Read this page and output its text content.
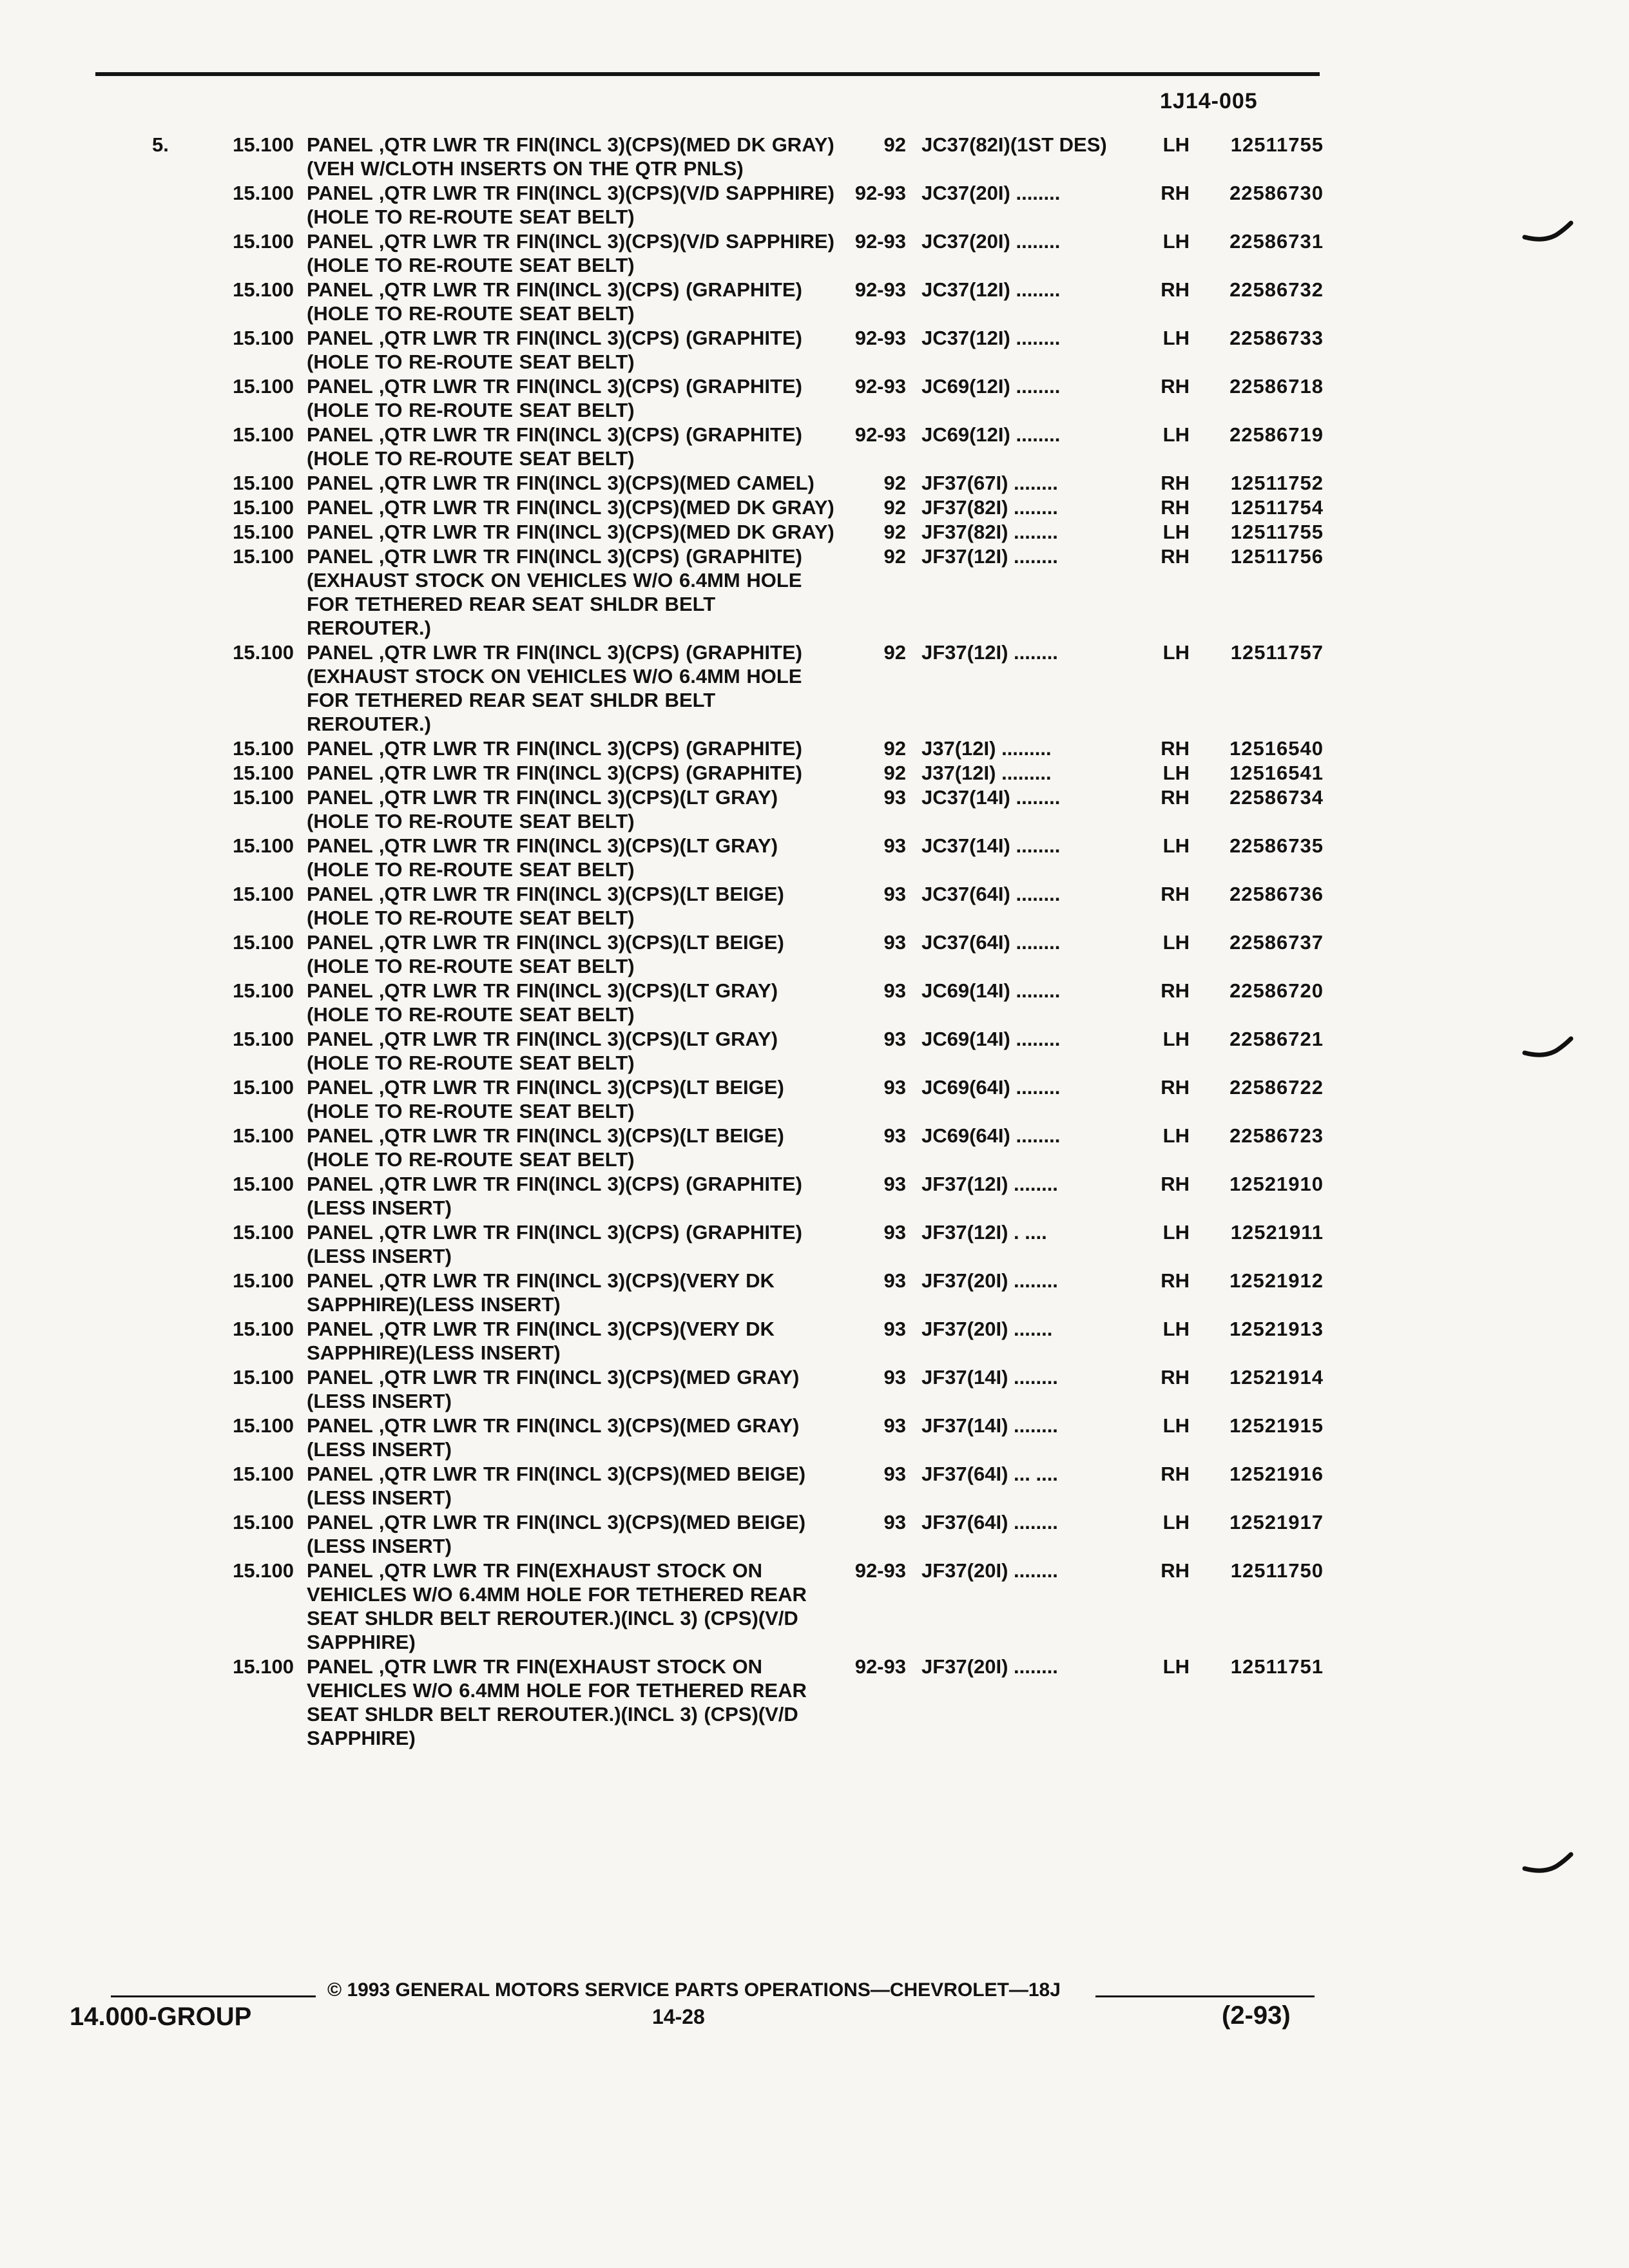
1J14-005
5.	15.100 PANEL ,QTR LWR TR FIN(INCL 3)(CPS)(MED DK GRAY) (VEH W/CLOTH INSERTS ON THE QTR PNLS)
92 JC37(82I)(1ST DES)	LH	12511755
15.100 PANEL ,QTR LWR TR FIN(INCL 3)(CPS)(V/D SAPPHIRE)(HOLE TO RE-ROUTE SEAT BELT)
92-93 JC37(20I) ........	RH	22586730
15.100 PANEL ,QTR LWR TR FIN(INCL 3)(CPS)(V/D SAPPHIRE)(HOLE TO RE-ROUTE SEAT BELT)
92-93 JC37(20I) ........	LH	22586731
15.100 PANEL ,QTR LWR TR FIN(INCL 3)(CPS) (GRAPHITE)(HOLE TO RE-ROUTE SEAT BELT)
92-93 JC37(12I) ........	RH	22586732
15.100 PANEL ,QTR LWR TR FIN(INCL 3)(CPS) (GRAPHITE)(HOLE TO RE-ROUTE SEAT BELT)
92-93 JC37(12I) ........	LH	22586733
15.100 PANEL ,QTR LWR TR FIN(INCL 3)(CPS) (GRAPHITE)(HOLE TO RE-ROUTE SEAT BELT)
92-93 JC69(12I) ........	RH	22586718
15.100 PANEL ,QTR LWR TR FIN(INCL 3)(CPS) (GRAPHITE)(HOLE TO RE-ROUTE SEAT BELT)
92-93 JC69(12I) ........	LH	22586719
15.100 PANEL ,QTR LWR TR FIN(INCL 3)(CPS)(MED CAMEL)	92 JF37(67I) ........	RH	12511752
15.100 PANEL ,QTR LWR TR FIN(INCL 3)(CPS)(MED DK GRAY)	92 JF37(82I) ........	RH	12511754
15.100 PANEL ,QTR LWR TR FIN(INCL 3)(CPS)(MED DK GRAY)	92 JF37(82I) ........	LH	12511755
15.100 PANEL ,QTR LWR TR FIN(INCL 3)(CPS) (GRAPHITE) (EXHAUST STOCK ON VEHICLES W/O 6.4MM HOLE FOR TETHERED REAR SEAT SHLDR BELT REROUTER.)
92 JF37(12I) ........	RH	12511756
15.100 PANEL ,QTR LWR TR FIN(INCL 3)(CPS) (GRAPHITE) (EXHAUST STOCK ON VEHICLES W/O 6.4MM HOLE FOR TETHERED REAR SEAT SHLDR BELT REROUTER.)
92 JF37(12I) ........	LH	12511757
15.100 PANEL ,QTR LWR TR FIN(INCL 3)(CPS) (GRAPHITE)	92 J37(12I) .........	RH	12516540
15.100 PANEL ,QTR LWR TR FIN(INCL 3)(CPS) (GRAPHITE)	92 J37(12I) .........	LH	12516541
15.100 PANEL ,QTR LWR TR FIN(INCL 3)(CPS)(LT GRAY)(HOLE TO RE-ROUTE SEAT BELT)
93 JC37(14I) ........	RH	22586734
15.100 PANEL ,QTR LWR TR FIN(INCL 3)(CPS)(LT GRAY)(HOLE TO RE-ROUTE SEAT BELT)
93 JC37(14I) ........	LH	22586735
15.100 PANEL ,QTR LWR TR FIN(INCL 3)(CPS)(LT BEIGE)(HOLE TO RE-ROUTE SEAT BELT)
93 JC37(64I) ........	RH	22586736
15.100 PANEL ,QTR LWR TR FIN(INCL 3)(CPS)(LT BEIGE)(HOLE TO RE-ROUTE SEAT BELT)
93 JC37(64I) ........	LH	22586737
15.100 PANEL ,QTR LWR TR FIN(INCL 3)(CPS)(LT GRAY)(HOLE TO RE-ROUTE SEAT BELT)
93 JC69(14I) ........	RH	22586720
15.100 PANEL ,QTR LWR TR FIN(INCL 3)(CPS)(LT GRAY)(HOLE TO RE-ROUTE SEAT BELT)
93 JC69(14I) ........	LH	22586721
15.100 PANEL ,QTR LWR TR FIN(INCL 3)(CPS)(LT BEIGE)(HOLE TO RE-ROUTE SEAT BELT)
93 JC69(64I) ........	RH	22586722
15.100 PANEL ,QTR LWR TR FIN(INCL 3)(CPS)(LT BEIGE)(HOLE TO RE-ROUTE SEAT BELT)
93 JC69(64I) ........	LH	22586723
15.100 PANEL ,QTR LWR TR FIN(INCL 3)(CPS) (GRAPHITE)(LESS INSERT)
93 JF37(12I) ........	RH	12521910
15.100 PANEL ,QTR LWR TR FIN(INCL 3)(CPS) (GRAPHITE)(LESS INSERT)
93 JF37(12I) . ....	LH	12521911
15.100 PANEL ,QTR LWR TR FIN(INCL 3)(CPS)(VERY DK SAPPHIRE)(LESS INSERT)
93 JF37(20I) ........	RH	12521912
15.100 PANEL ,QTR LWR TR FIN(INCL 3)(CPS)(VERY DK SAPPHIRE)(LESS INSERT)
93 JF37(20I) .......	LH	12521913
15.100 PANEL ,QTR LWR TR FIN(INCL 3)(CPS)(MED GRAY)(LESS INSERT)
93 JF37(14I) ........	RH	12521914
15.100 PANEL ,QTR LWR TR FIN(INCL 3)(CPS)(MED GRAY)(LESS INSERT)
93 JF37(14I) ........	LH	12521915
15.100 PANEL ,QTR LWR TR FIN(INCL 3)(CPS)(MED BEIGE)(LESS INSERT)
93 JF37(64I) ... ....	RH	12521916
15.100 PANEL ,QTR LWR TR FIN(INCL 3)(CPS)(MED BEIGE)(LESS INSERT)
93 JF37(64I) ........	LH	12521917
15.100 PANEL ,QTR LWR TR FIN(EXHAUST STOCK ON VEHICLES W/O 6.4MM HOLE FOR TETHERED REAR SEAT SHLDR BELT REROUTER.)(INCL 3) (CPS)(V/D SAPPHIRE)
92-93 JF37(20I) ........	RH	12511750
15.100 PANEL ,QTR LWR TR FIN(EXHAUST STOCK ON VEHICLES W/O 6.4MM HOLE FOR TETHERED REAR SEAT SHLDR BELT REROUTER.)(INCL 3) (CPS)(V/D SAPPHIRE)
92-93 JF37(20I) ........	LH	12511751
© 1993 GENERAL MOTORS SERVICE PARTS OPERATIONS—CHEVROLET—18J
14.000-GROUP	14-28	(2-93)
